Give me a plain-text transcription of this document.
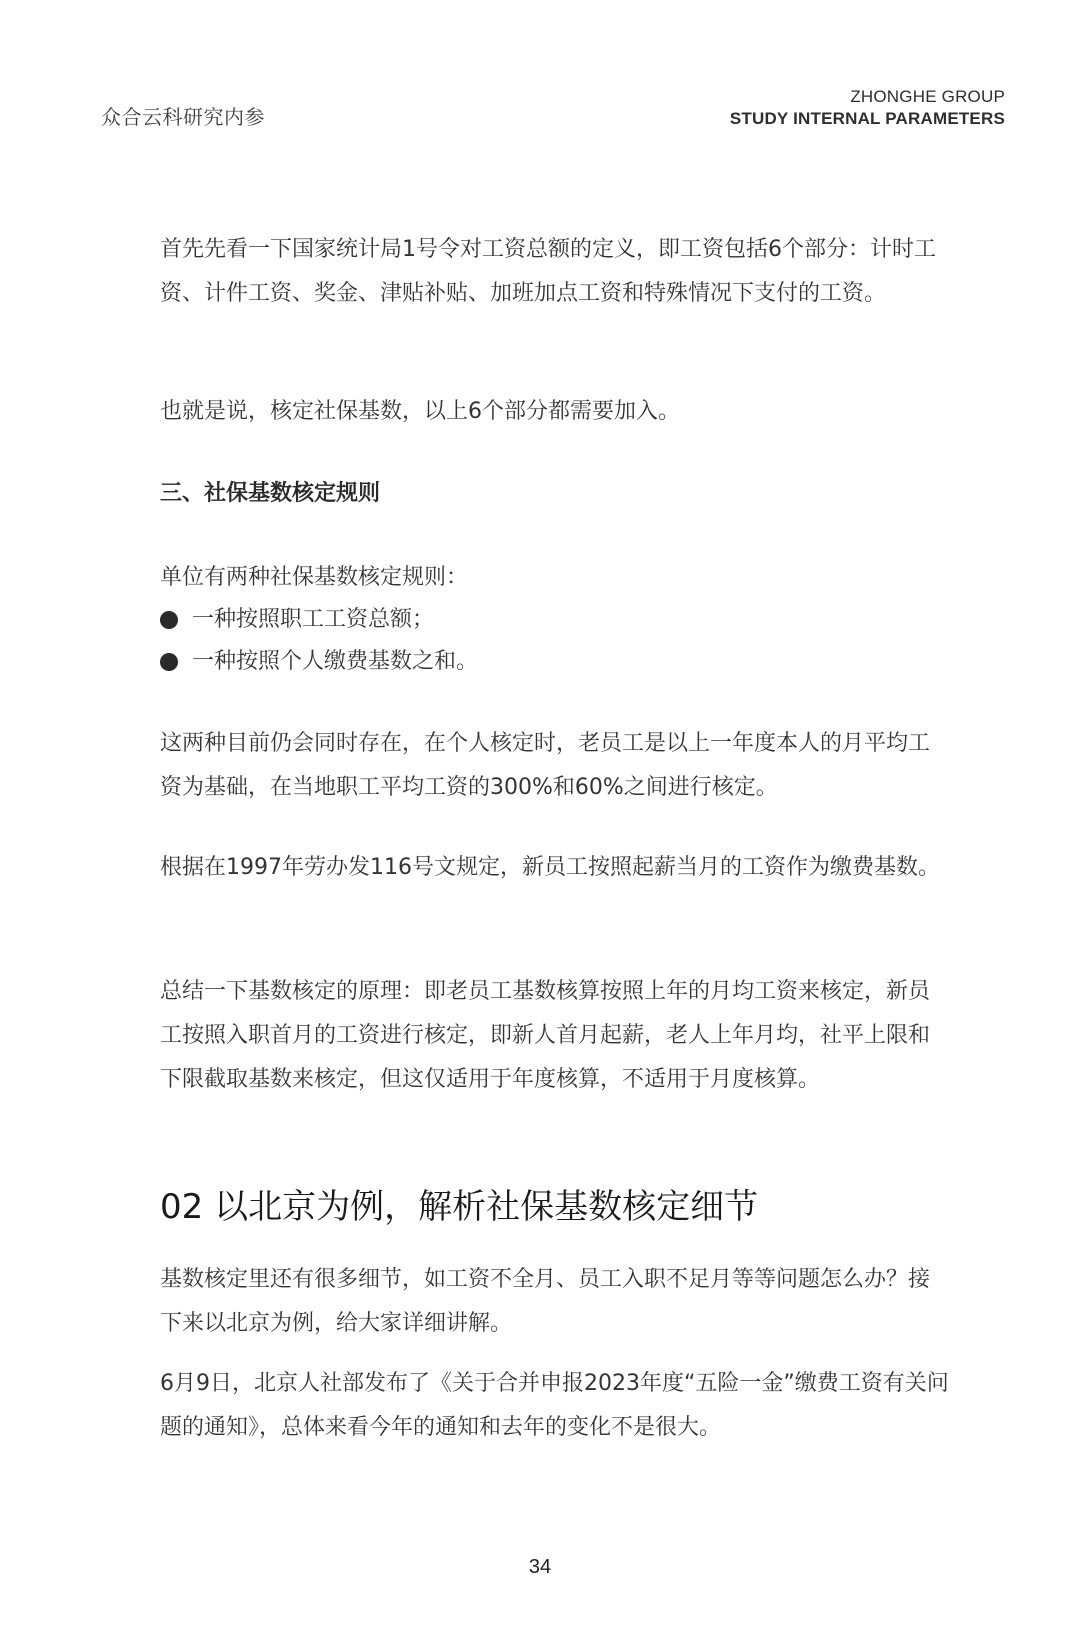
众合云科研究内参
ZHONGHE GROUP
STUDY INTERNAL PARAMETERS

首先先看一下国家统计局1号令对工资总额的定义，即工资包括6个部分：计时工资、计件工资、奖金、津贴补贴、加班加点工资和特殊情况下支付的工资。

也就是说，核定社保基数，以上6个部分都需要加入。

三、社保基数核定规则

单位有两种社保基数核定规则：

一种按照职工工资总额；
一种按照个人缴费基数之和。

这两种目前仍会同时存在，在个人核定时，老员工是以上一年度本人的月平均工资为基础，在当地职工平均工资的300%和60%之间进行核定。

根据在1997年劳办发116号文规定，新员工按照起薪当月的工资作为缴费基数。

总结一下基数核定的原理：即老员工基数核算按照上年的月均工资来核定，新员工按照入职首月的工资进行核定，即新人首月起薪，老人上年月均，社平上限和下限截取基数来核定，但这仅适用于年度核算，不适用于月度核算。

02 以北京为例，解析社保基数核定细节

基数核定里还有很多细节，如工资不全月、员工入职不足月等等问题怎么办？接下来以北京为例，给大家详细讲解。

6月9日，北京人社部发布了《关于合并申报2023年度“五险一金”缴费工资有关问题的通知》，总体来看今年的通知和去年的变化不是很大。

34
